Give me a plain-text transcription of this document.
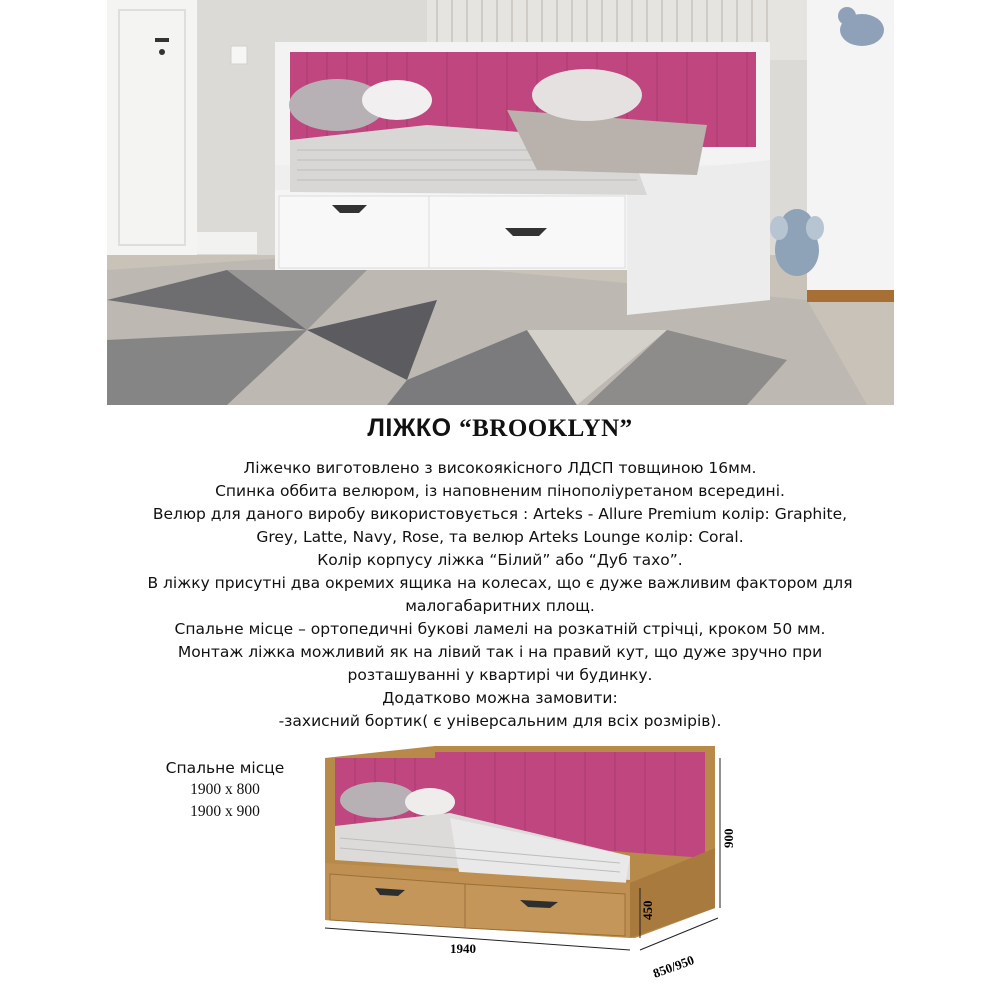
ЛІЖКО “BROOKLYN”
Ліжечко виготовлено з високоякісного ЛДСП товщиною 16мм.
Спинка оббита велюром, із наповненим пінополіуретаном всередині.
Велюр для даного виробу використовується : Arteks - Allure Premium колір: Graphite,
Grey, Latte, Navy, Rose, та велюр Arteks Lounge колір: Coral.
Колір корпусу ліжка “Білий” або “Дуб тахо”.
В ліжку присутні два окремих ящика на колесах, що є дуже важливим фактором для
малогабаритних площ.
Спальне місце – ортопедичні букові ламелі на розкатній стрічці, кроком 50 мм.
Монтаж ліжка можливий як на лівий так і на правий кут, що дуже зручно при
розташуванні у квартирі чи будинку.
Додатково можна замовити:
-захисний бортик( є універсальним для всіх розмірів).
Спальне місце
1900 x 800
1900 x 900
1940
850/950
900
450
